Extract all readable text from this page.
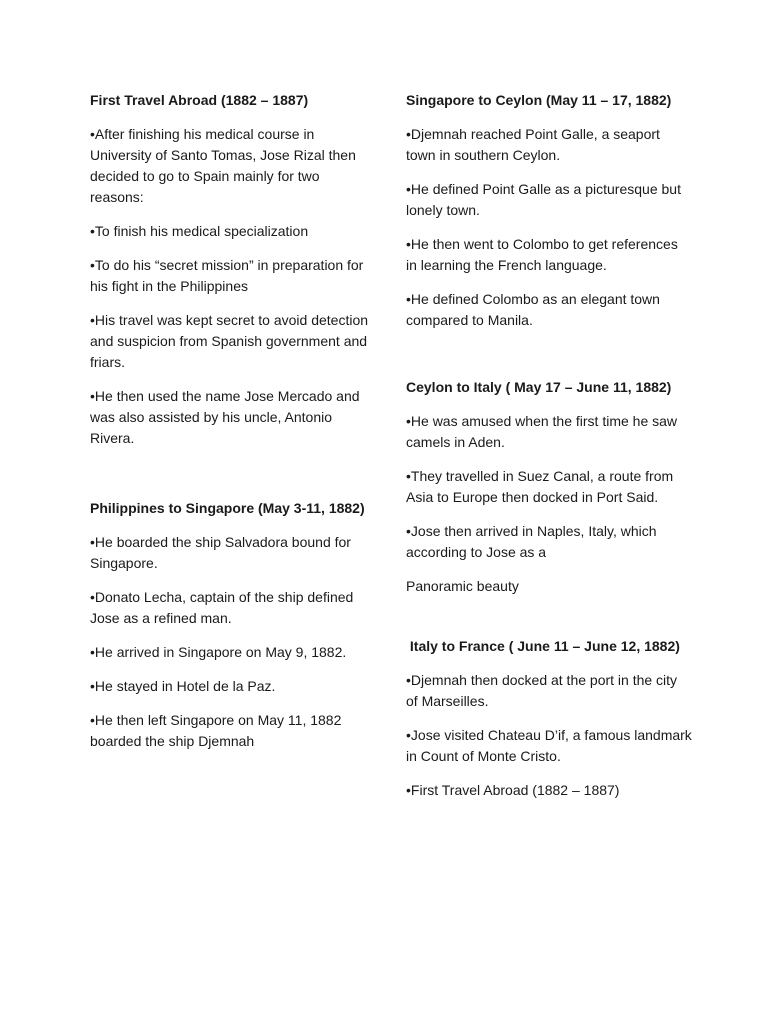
First Travel Abroad (1882 – 1887)

•After finishing his medical course in University of Santo Tomas, Jose Rizal then decided to go to Spain mainly for two reasons:

•To finish his medical specialization

•To do his “secret mission” in preparation for his fight in the Philippines

•His travel was kept secret to avoid detection and suspicion from Spanish government and friars.

•He then used the name Jose Mercado and was also assisted by his uncle, Antonio Rivera.

Philippines to Singapore (May 3-11, 1882)

•He boarded the ship Salvadora bound for Singapore.

•Donato Lecha, captain of the ship defined Jose as a refined man.

•He arrived in Singapore on May 9, 1882.

•He stayed in Hotel de la Paz.

•He then left Singapore on May 11, 1882 boarded the ship Djemnah

Singapore to Ceylon (May 11 – 17, 1882)

•Djemnah reached Point Galle, a seaport town in southern Ceylon.

•He defined Point Galle as a picturesque but lonely town.

•He then went to Colombo to get references in learning the French language.

•He defined Colombo as an elegant town compared to Manila.

Ceylon to Italy ( May 17 – June 11, 1882)

•He was amused when the first time he saw camels in Aden.

•They travelled in Suez Canal, a route from Asia to Europe then docked in Port Said.

•Jose then arrived in Naples, Italy, which according to Jose as a

Panoramic beauty

Italy to France ( June 11 – June 12, 1882)

•Djemnah then docked at the port in the city of Marseilles.

•Jose visited Chateau D’if, a famous landmark in Count of Monte Cristo.

•First Travel Abroad (1882 – 1887)
